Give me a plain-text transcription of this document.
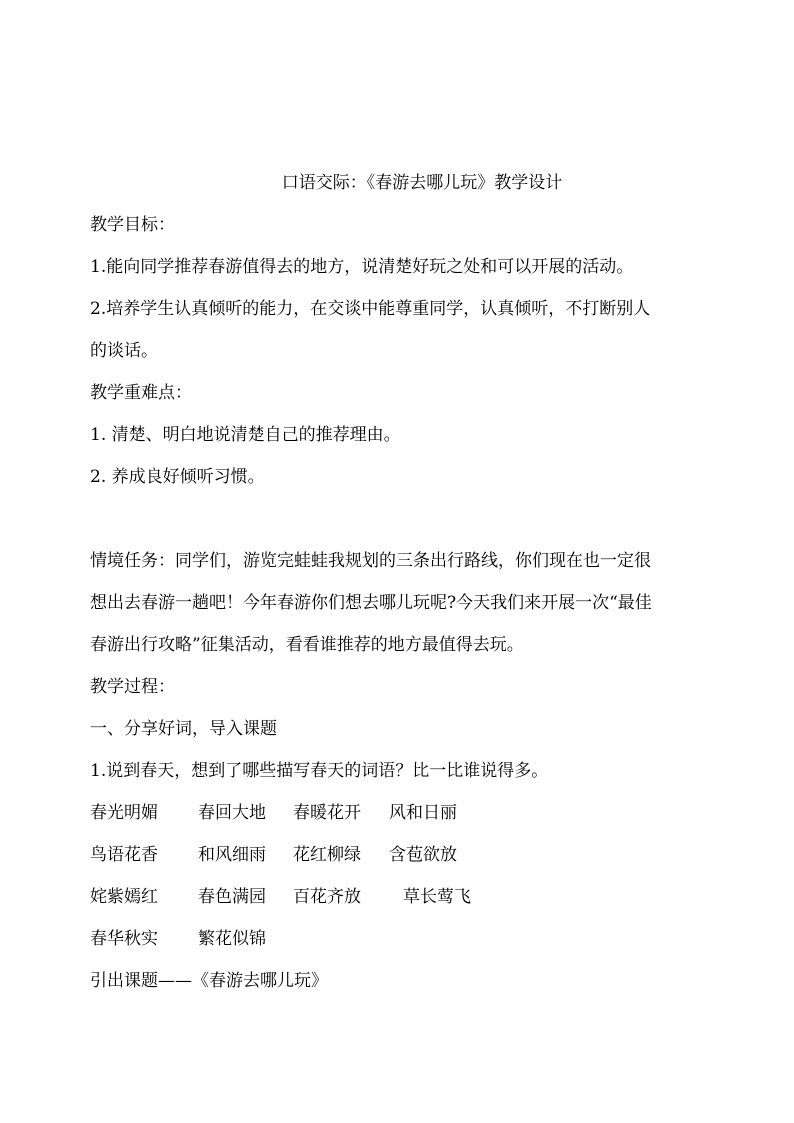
口语交际：《春游去哪儿玩》教学设计
教学目标：
1.能向同学推荐春游值得去的地方，说清楚好玩之处和可以开展的活动。
2.培养学生认真倾听的能力，在交谈中能尊重同学，认真倾听，不打断别人
的谈话。
教学重难点：
1. 清楚、明白地说清楚自己的推荐理由。
2. 养成良好倾听习惯。
情境任务：同学们，游览完蛙蛙我规划的三条出行路线，你们现在也一定很
想出去春游一趟吧！今年春游你们想去哪儿玩呢?今天我们来开展一次“最佳
春游出行攻略”征集活动，看看谁推荐的地方最值得去玩。
教学过程：
一、分享好词，导入课题
1.说到春天，想到了哪些描写春天的词语？比一比谁说得多。
春光明媚	春回大地	春暖花开	风和日丽
鸟语花香	和风细雨	花红柳绿	含苞欲放
姹紫嫣红	春色满园	百花齐放	草长莺飞
春华秋实	繁花似锦
引出课题——《春游去哪儿玩》
